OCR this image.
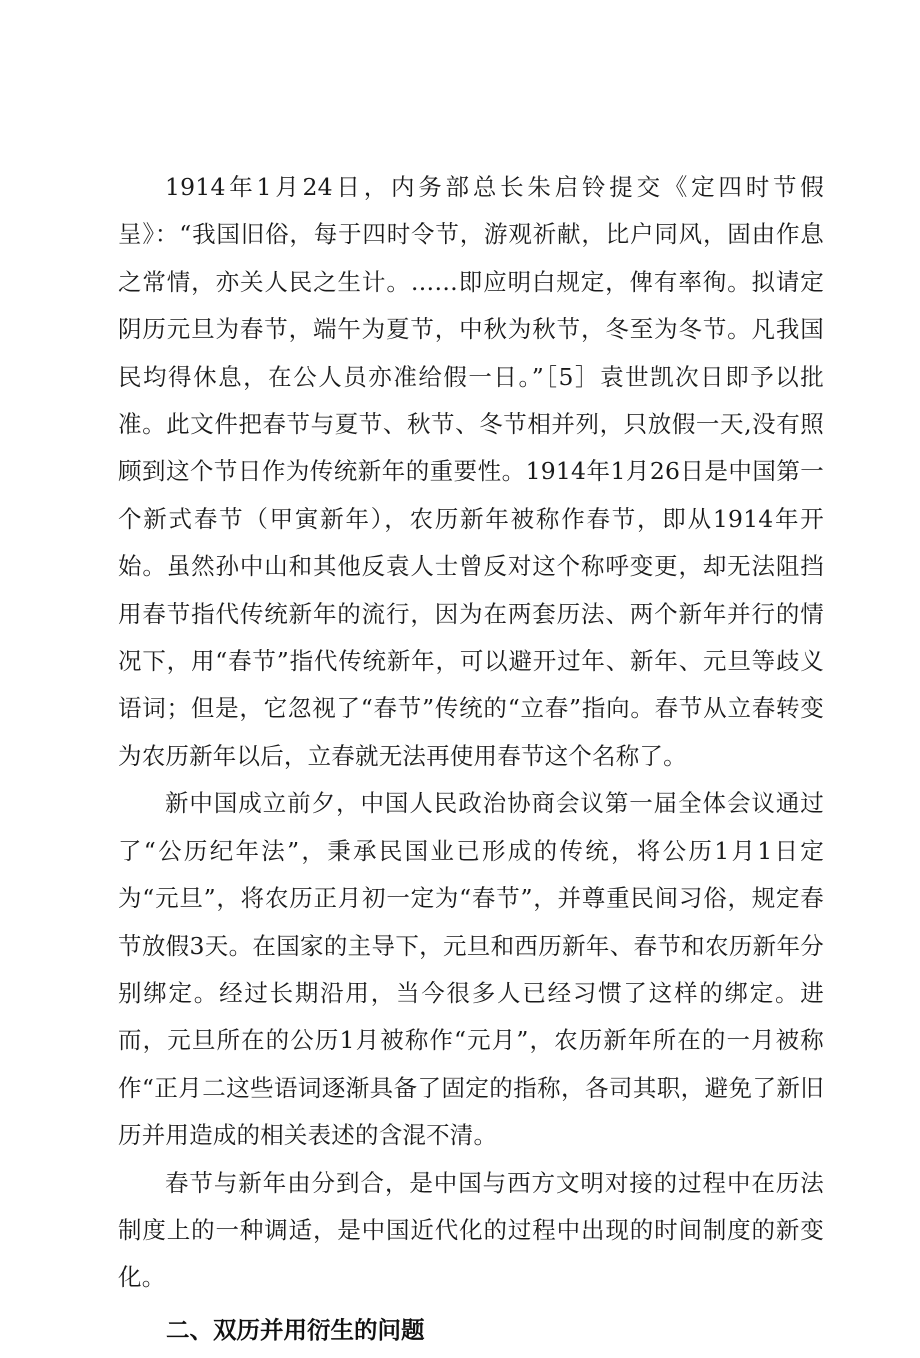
1914年1月24日，内务部总长朱启铃提交《定四时节假呈》：“我国旧俗，每于四时令节，游观祈献，比户同风，固由作息之常情，亦关人民之生计。……即应明白规定，俾有率徇。拟请定阴历元旦为春节，端午为夏节，中秋为秋节，冬至为冬节。凡我国民均得休息，在公人员亦准给假一日。”［5］袁世凯次日即予以批准。此文件把春节与夏节、秋节、冬节相并列，只放假一天,没有照顾到这个节日作为传统新年的重要性。1914年1月26日是中国第一个新式春节（甲寅新年），农历新年被称作春节，即从1914年开始。虽然孙中山和其他反袁人士曾反对这个称呼变更，却无法阻挡用春节指代传统新年的流行，因为在两套历法、两个新年并行的情况下，用“春节”指代传统新年，可以避开过年、新年、元旦等歧义语词；但是，它忽视了“春节”传统的“立春”指向。春节从立春转变为农历新年以后，立春就无法再使用春节这个名称了。

新中国成立前夕，中国人民政治协商会议第一届全体会议通过了“公历纪年法”，秉承民国业已形成的传统，将公历1月1日定为“元旦”，将农历正月初一定为“春节”，并尊重民间习俗，规定春节放假3天。在国家的主导下，元旦和西历新年、春节和农历新年分别绑定。经过长期沿用，当今很多人已经习惯了这样的绑定。进而，元旦所在的公历1月被称作“元月”，农历新年所在的一月被称作“正月二这些语词逐渐具备了固定的指称，各司其职，避免了新旧历并用造成的相关表述的含混不清。

春节与新年由分到合，是中国与西方文明对接的过程中在历法制度上的一种调适，是中国近代化的过程中出现的时间制度的新变化。

二、双历并用衍生的问题
